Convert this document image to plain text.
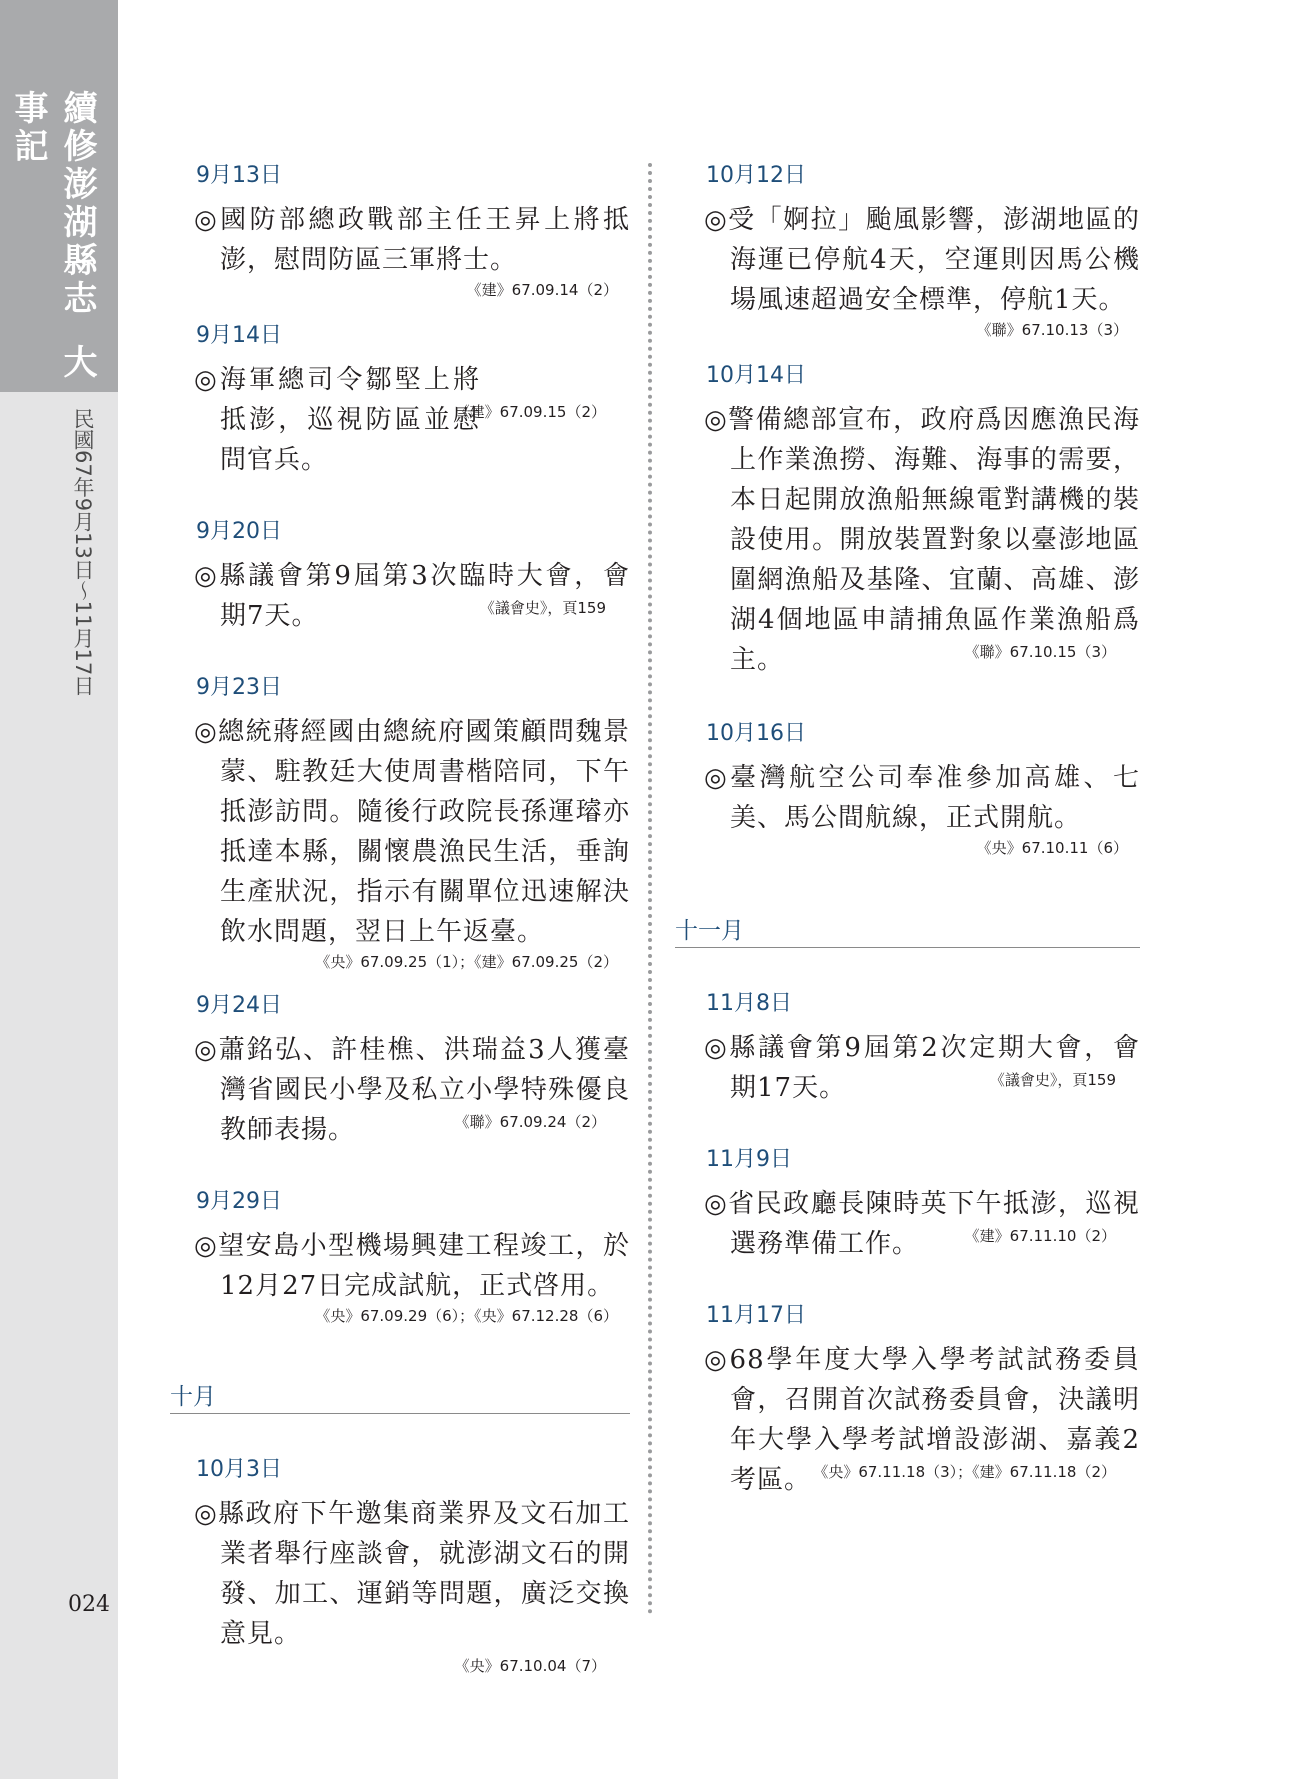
續修澎湖縣志大事記
民國67年9月13日～11月17日
024
9月13日
◎國防部總政戰部主任王昇上將抵澎，慰問防區三軍將士。
《建》67.09.14（2）
9月14日
◎海軍總司令鄒堅上將抵澎，巡視防區並慰問官兵。
《建》67.09.15（2）
9月20日
◎縣議會第9屆第3次臨時大會，會期7天。	《議會史》，頁159
9月23日
◎總統蔣經國由總統府國策顧問魏景蒙、駐教廷大使周書楷陪同，下午抵澎訪問。隨後行政院長孫運璿亦抵達本縣，關懷農漁民生活，垂詢生產狀況，指示有關單位迅速解決飲水問題，翌日上午返臺。
《央》67.09.25（1）；《建》67.09.25（2）
9月24日
◎蕭銘弘、許桂樵、洪瑞益3人獲臺灣省國民小學及私立小學特殊優良教師表揚。	《聯》67.09.24（2）
9月29日
◎望安島小型機場興建工程竣工，於12月27日完成試航，正式啓用。
《央》67.09.29（6）；《央》67.12.28（6）
十月
10月3日
◎縣政府下午邀集商業界及文石加工業者舉行座談會，就澎湖文石的開發、加工、運銷等問題，廣泛交換意見。
《央》67.10.04（7）
10月12日
◎受「婀拉」颱風影響，澎湖地區的海運已停航4天，空運則因馬公機場風速超過安全標準，停航1天。
《聯》67.10.13（3）
10月14日
◎警備總部宣布，政府爲因應漁民海上作業漁撈、海難、海事的需要，本日起開放漁船無線電對講機的裝設使用。開放裝置對象以臺澎地區圍網漁船及基隆、宜蘭、高雄、澎湖4個地區申請捕魚區作業漁船爲主。	《聯》67.10.15（3）
10月16日
◎臺灣航空公司奉准參加高雄、七美、馬公間航線，正式開航。
《央》67.10.11（6）
十一月
11月8日
◎縣議會第9屆第2次定期大會，會期17天。	《議會史》，頁159
11月9日
◎省民政廳長陳時英下午抵澎，巡視選務準備工作。	《建》67.11.10（2）
11月17日
◎68學年度大學入學考試試務委員會，召開首次試務委員會，決議明年大學入學考試增設澎湖、嘉義2考區。 《央》67.11.18（3）；《建》67.11.18（2）
